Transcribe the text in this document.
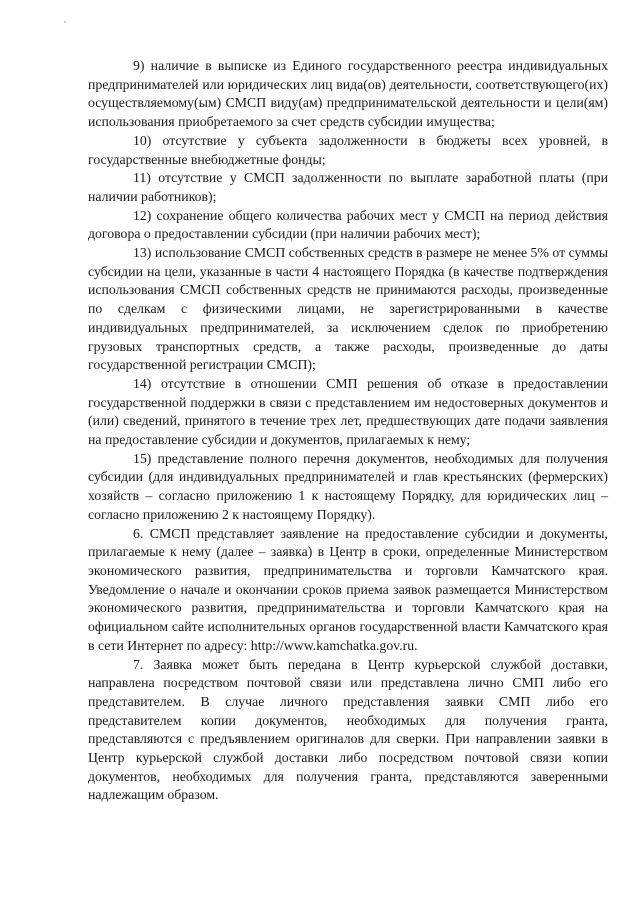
9) наличие в выписке из Единого государственного реестра индивидуальных предпринимателей или юридических лиц вида(ов) деятельности, соответствующего(их) осуществляемому(ым) СМСП виду(ам) предпринимательской деятельности и цели(ям) использования приобретаемого за счет средств субсидии имущества;

10) отсутствие у субъекта задолженности в бюджеты всех уровней, в государственные внебюджетные фонды;

11) отсутствие у СМСП задолженности по выплате заработной платы (при наличии работников);

12) сохранение общего количества рабочих мест у СМСП на период действия договора о предоставлении субсидии (при наличии рабочих мест);

13) использование СМСП собственных средств в размере не менее 5% от суммы субсидии на цели, указанные в части 4 настоящего Порядка (в качестве подтверждения использования СМСП собственных средств не принимаются расходы, произведенные по сделкам с физическими лицами, не зарегистрированными в качестве индивидуальных предпринимателей, за исключением сделок по приобретению грузовых транспортных средств, а также расходы, произведенные до даты государственной регистрации СМСП);

14) отсутствие в отношении СМП решения об отказе в предоставлении государственной поддержки в связи с представлением им недостоверных документов и (или) сведений, принятого в течение трех лет, предшествующих дате подачи заявления на предоставление субсидии и документов, прилагаемых к нему;

15) представление полного перечня документов, необходимых для получения субсидии (для индивидуальных предпринимателей и глав крестьянских (фермерских) хозяйств – согласно приложению 1 к настоящему Порядку, для юридических лиц – согласно приложению 2 к настоящему Порядку).

6. СМСП представляет заявление на предоставление субсидии и документы, прилагаемые к нему (далее – заявка) в Центр в сроки, определенные Министерством экономического развития, предпринимательства и торговли Камчатского края. Уведомление о начале и окончании сроков приема заявок размещается Министерством экономического развития, предпринимательства и торговли Камчатского края на официальном сайте исполнительных органов государственной власти Камчатского края в сети Интернет по адресу: http://www.kamchatka.gov.ru.

7. Заявка может быть передана в Центр курьерской службой доставки, направлена посредством почтовой связи или представлена лично СМП либо его представителем. В случае личного представления заявки СМП либо его представителем копии документов, необходимых для получения гранта, представляются с предъявлением оригиналов для сверки. При направлении заявки в Центр курьерской службой доставки либо посредством почтовой связи копии документов, необходимых для получения гранта, представляются заверенными надлежащим образом.
